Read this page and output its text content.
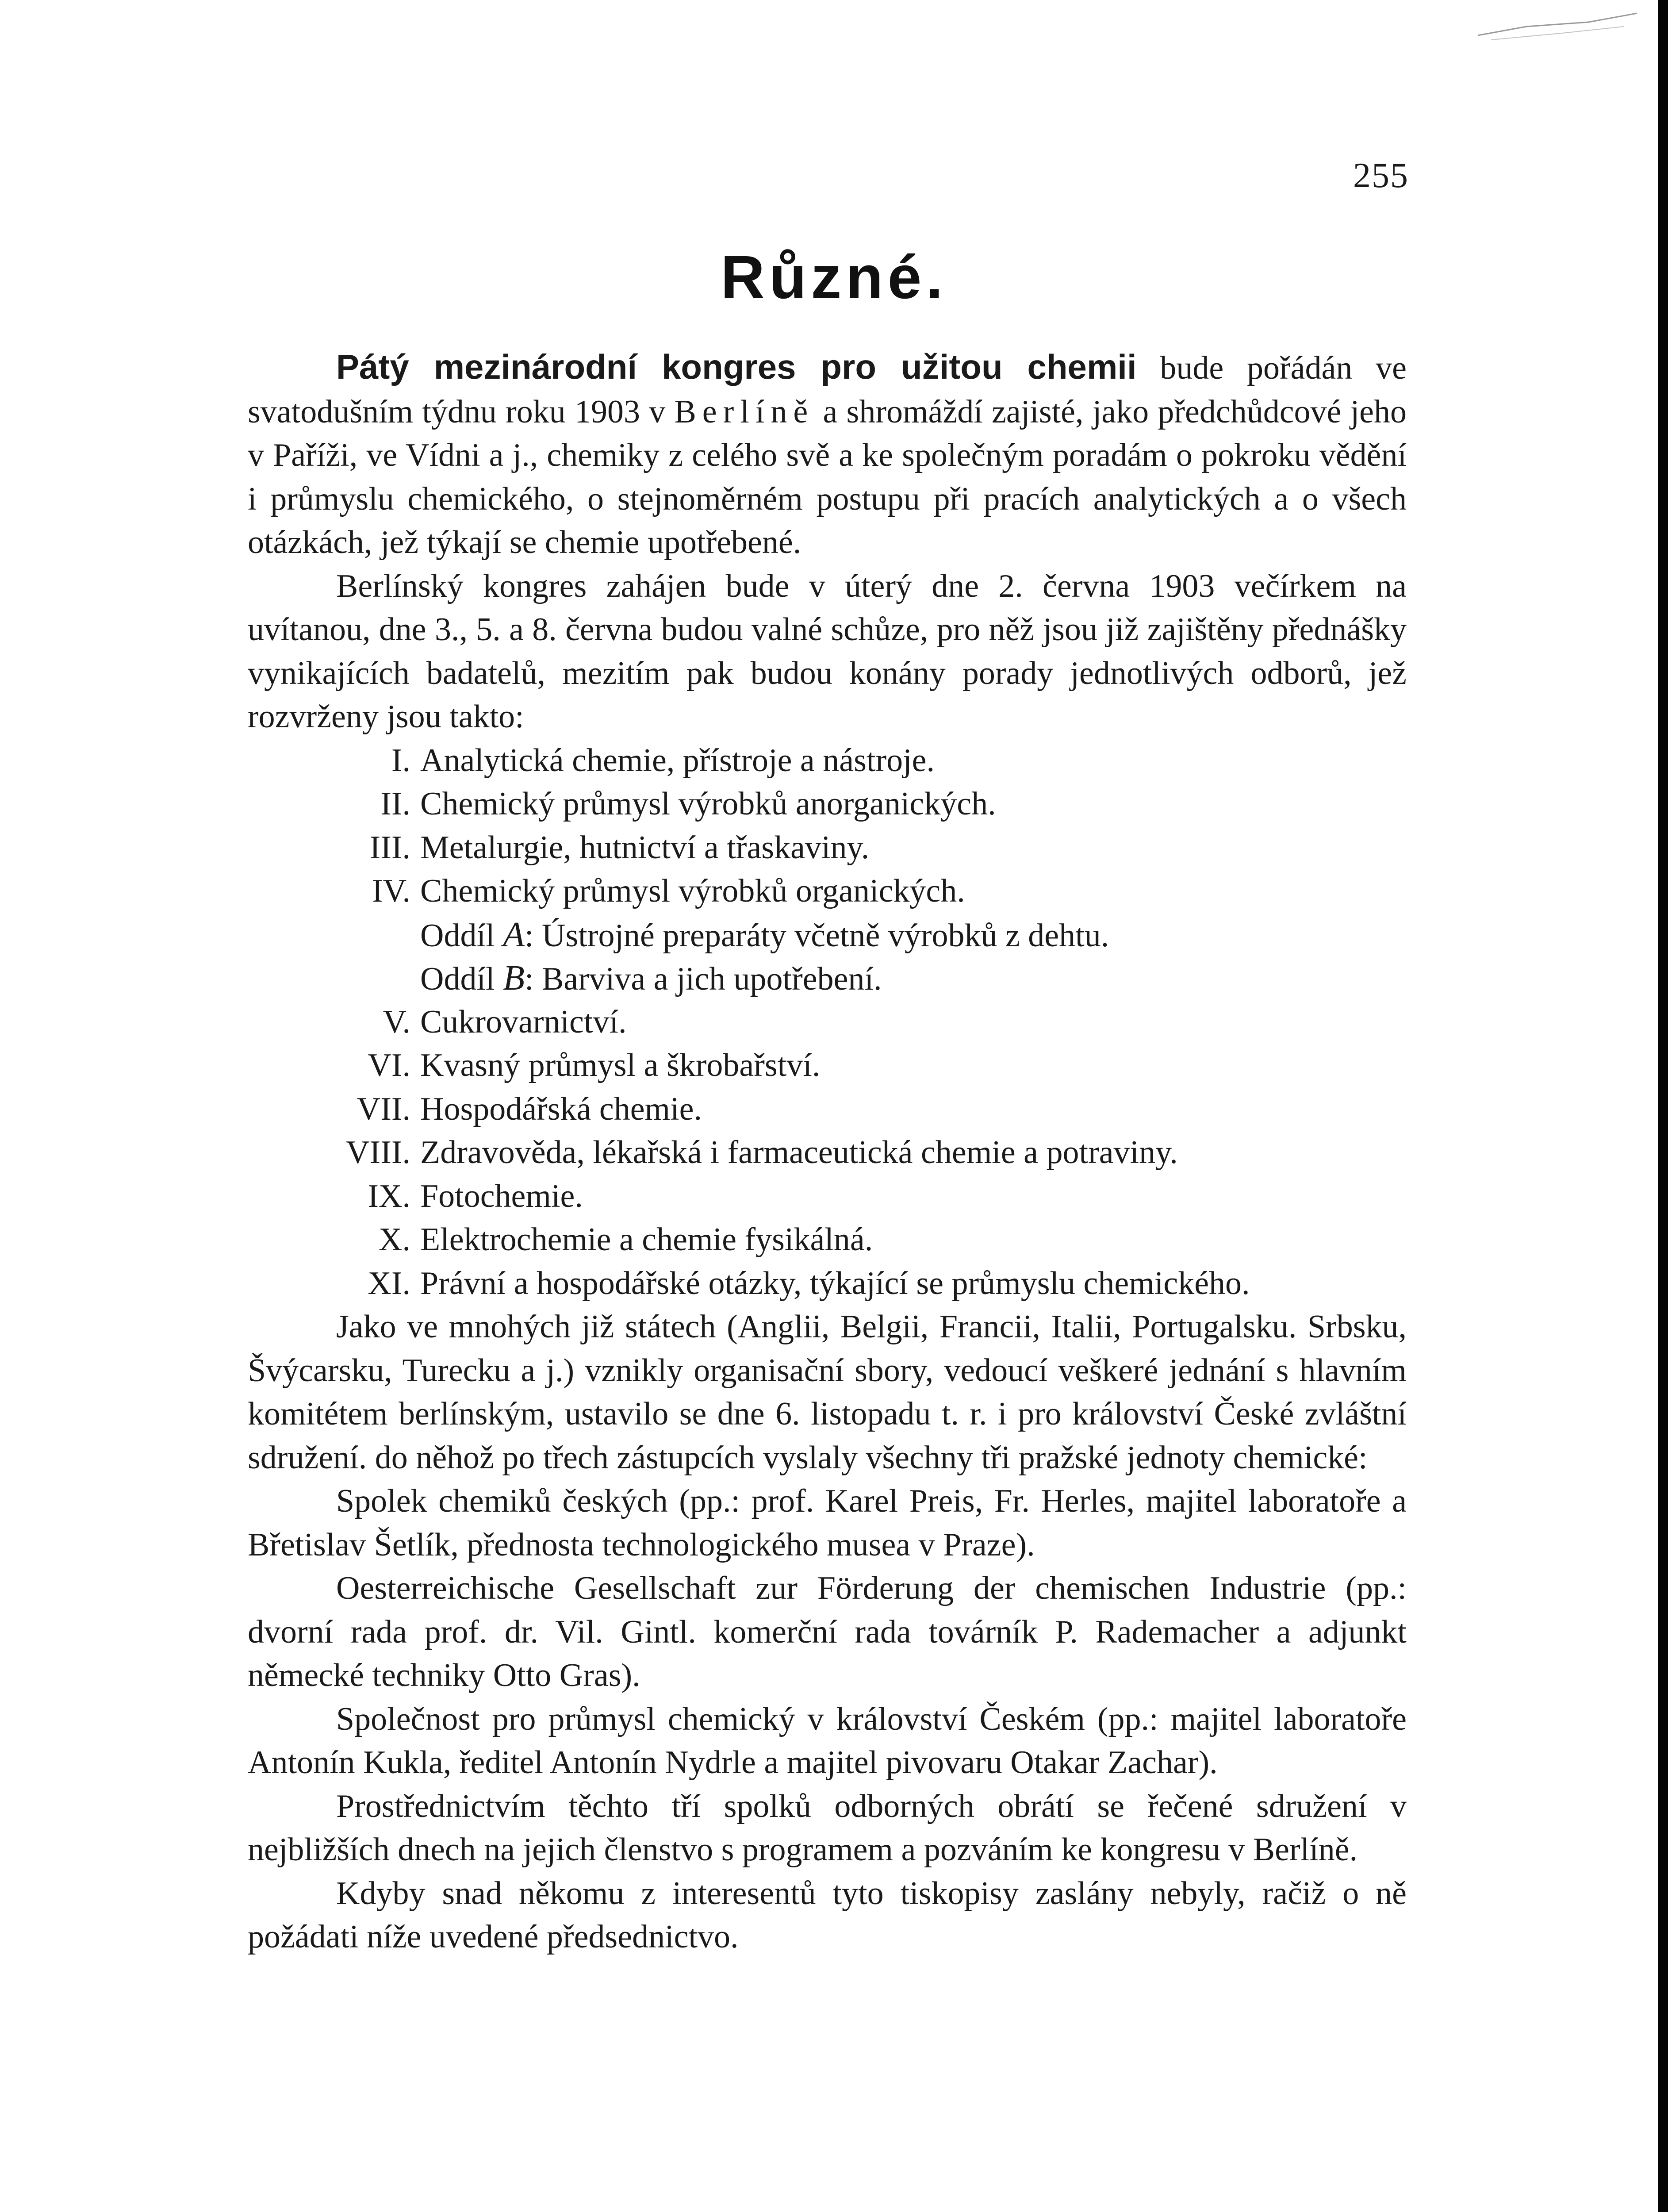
255
Různé.

Pátý mezinárodní kongres pro užitou chemii bude pořádán ve svatodušním týdnu roku 1903 v Berlíně a shromáždí zajisté, jako předchůdcové jeho v Paříži, ve Vídni a j., chemiky z celého svě a ke společným poradám o pokroku vědění i průmyslu chemického, o stejnoměrném postupu při pracích analytických a o všech otázkách, jež týkají se chemie upotřebené.

Berlínský kongres zahájen bude v úterý dne 2. června 1903 večírkem na uvítanou, dne 3., 5. a 8. června budou valné schůze, pro něž jsou již zajištěny přednášky vynikajících badatelů, mezitím pak budou konány porady jednotlivých odborů, jež rozvrženy jsou takto:

I. Analytická chemie, přístroje a nástroje.
II. Chemický průmysl výrobků anorganických.
III. Metalurgie, hutnictví a třaskaviny.
IV. Chemický průmysl výrobků organických.
Oddíl A: Ústrojné preparáty včetně výrobků z dehtu.
Oddíl B: Barviva a jich upotřebení.
V. Cukrovarnictví.
VI. Kvasný průmysl a škrobařství.
VII. Hospodářská chemie.
VIII. Zdravověda, lékařská i farmaceutická chemie a potraviny.
IX. Fotochemie.
X. Elektrochemie a chemie fysikálná.
XI. Právní a hospodářské otázky, týkající se průmyslu chemického.

Jako ve mnohých již státech (Anglii, Belgii, Francii, Italii, Portugalsku. Srbsku, Švýcarsku, Turecku a j.) vznikly organisační sbory, vedoucí veškeré jednání s hlavním komitétem berlínským, ustavilo se dne 6. listopadu t. r. i pro království České zvláštní sdružení. do něhož po třech zástupcích vyslaly všechny tři pražské jednoty chemické:

Spolek chemiků českých (pp.: prof. Karel Preis, Fr. Herles, majitel laboratoře a Břetislav Šetlík, přednosta technologického musea v Praze).

Oesterreichische Gesellschaft zur Förderung der chemischen Industrie (pp.: dvorní rada prof. dr. Vil. Gintl. komerční rada továrník P. Rademacher a adjunkt německé techniky Otto Gras).

Společnost pro průmysl chemický v království Českém (pp.: majitel laboratoře Antonín Kukla, ředitel Antonín Nydrle a majitel pivovaru Otakar Zachar).

Prostřednictvím těchto tří spolků odborných obrátí se řečené sdružení v nejbližších dnech na jejich členstvo s programem a pozváním ke kongresu v Berlíně.

Kdyby snad někomu z interesentů tyto tiskopisy zaslány nebyly, račiž o ně požádati níže uvedené předsednictvo.
